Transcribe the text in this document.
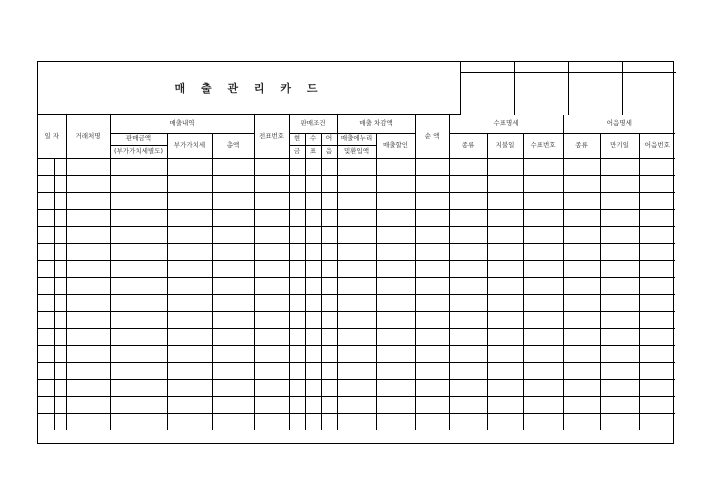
매 출 관 리 카 드

일 자		거래처명	매출내역			전표번호	판매조건			매출 차감액		순 액	수표명세			어음명세		
			판매금액	부가가치세	총액		현	수	어	매출에누리	매출할인		종류	지불일	수표번호	종류	만기일	어음번호
			(부가가치세별도)				금	표	음	및환입액								
